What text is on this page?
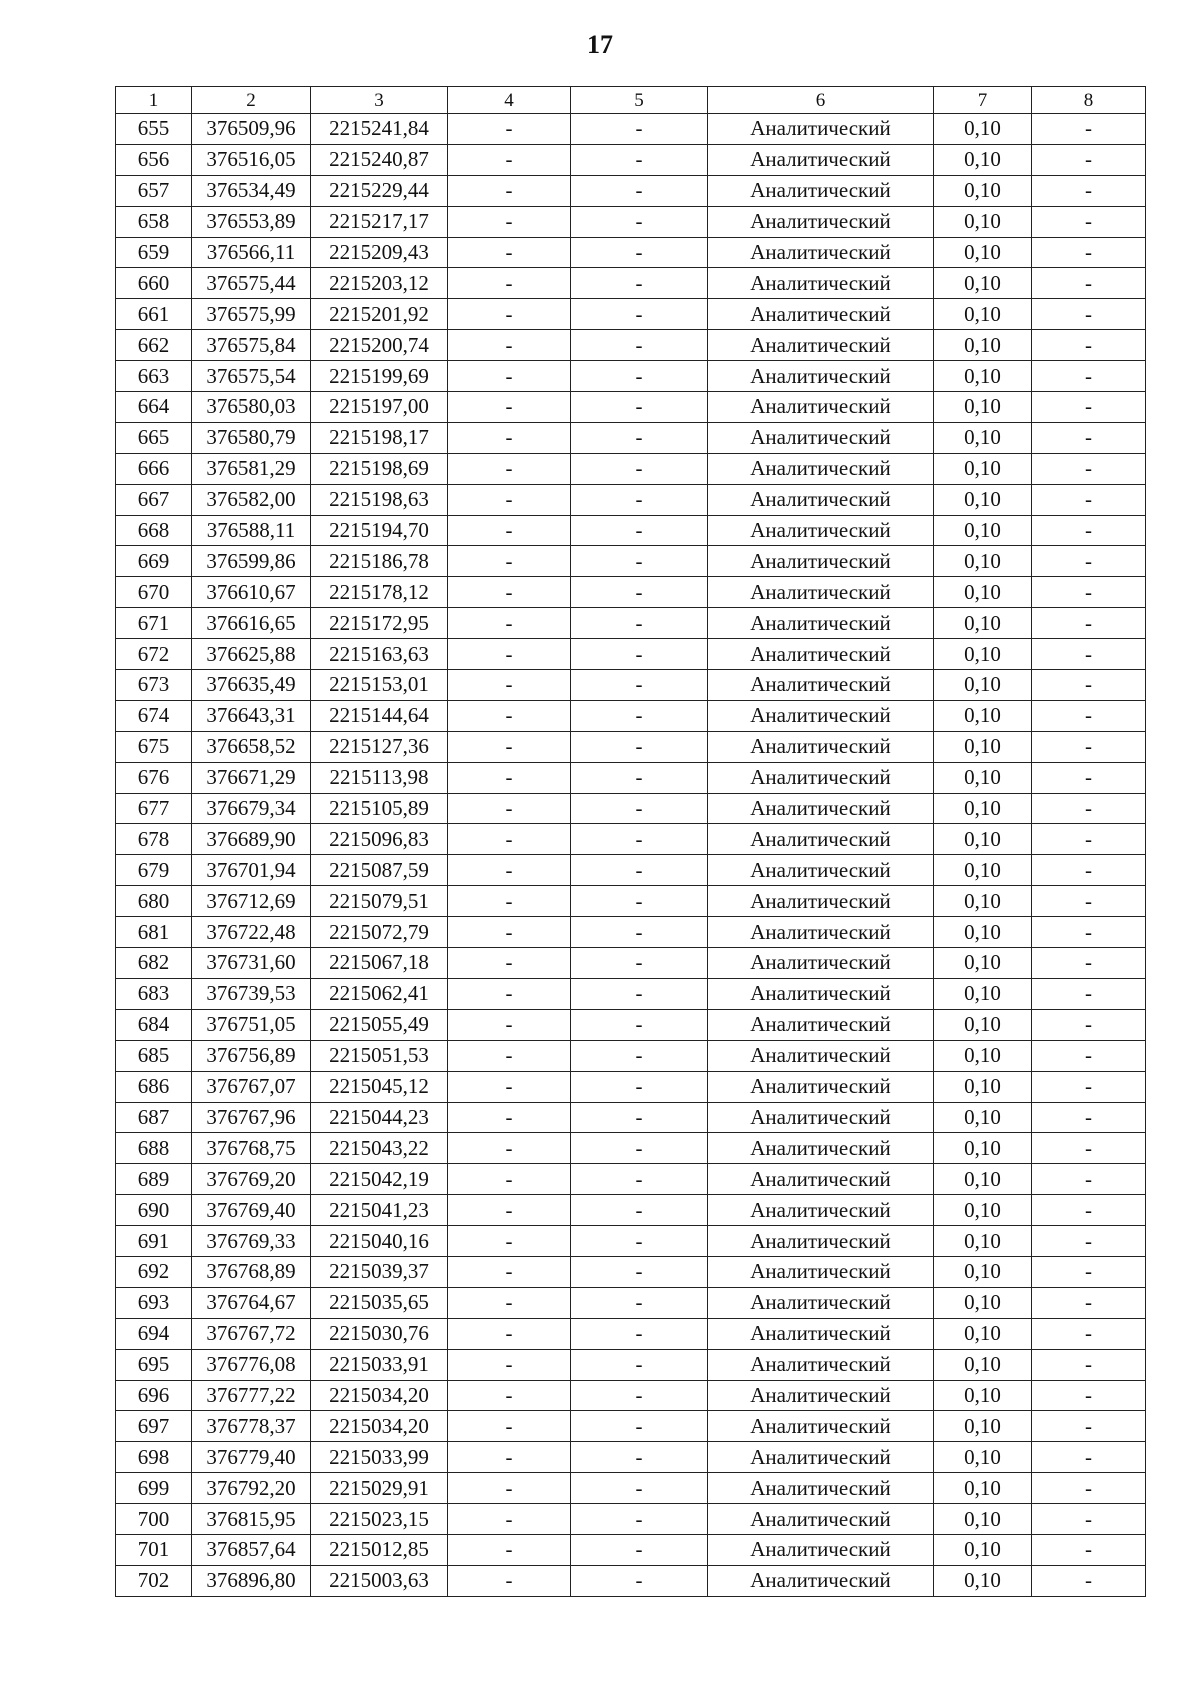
17
1	2	3	4	5	6	7	8
655	376509,96	2215241,84	-	-	Аналитический	0,10	-
656	376516,05	2215240,87	-	-	Аналитический	0,10	-
657	376534,49	2215229,44	-	-	Аналитический	0,10	-
658	376553,89	2215217,17	-	-	Аналитический	0,10	-
659	376566,11	2215209,43	-	-	Аналитический	0,10	-
660	376575,44	2215203,12	-	-	Аналитический	0,10	-
661	376575,99	2215201,92	-	-	Аналитический	0,10	-
662	376575,84	2215200,74	-	-	Аналитический	0,10	-
663	376575,54	2215199,69	-	-	Аналитический	0,10	-
664	376580,03	2215197,00	-	-	Аналитический	0,10	-
665	376580,79	2215198,17	-	-	Аналитический	0,10	-
666	376581,29	2215198,69	-	-	Аналитический	0,10	-
667	376582,00	2215198,63	-	-	Аналитический	0,10	-
668	376588,11	2215194,70	-	-	Аналитический	0,10	-
669	376599,86	2215186,78	-	-	Аналитический	0,10	-
670	376610,67	2215178,12	-	-	Аналитический	0,10	-
671	376616,65	2215172,95	-	-	Аналитический	0,10	-
672	376625,88	2215163,63	-	-	Аналитический	0,10	-
673	376635,49	2215153,01	-	-	Аналитический	0,10	-
674	376643,31	2215144,64	-	-	Аналитический	0,10	-
675	376658,52	2215127,36	-	-	Аналитический	0,10	-
676	376671,29	2215113,98	-	-	Аналитический	0,10	-
677	376679,34	2215105,89	-	-	Аналитический	0,10	-
678	376689,90	2215096,83	-	-	Аналитический	0,10	-
679	376701,94	2215087,59	-	-	Аналитический	0,10	-
680	376712,69	2215079,51	-	-	Аналитический	0,10	-
681	376722,48	2215072,79	-	-	Аналитический	0,10	-
682	376731,60	2215067,18	-	-	Аналитический	0,10	-
683	376739,53	2215062,41	-	-	Аналитический	0,10	-
684	376751,05	2215055,49	-	-	Аналитический	0,10	-
685	376756,89	2215051,53	-	-	Аналитический	0,10	-
686	376767,07	2215045,12	-	-	Аналитический	0,10	-
687	376767,96	2215044,23	-	-	Аналитический	0,10	-
688	376768,75	2215043,22	-	-	Аналитический	0,10	-
689	376769,20	2215042,19	-	-	Аналитический	0,10	-
690	376769,40	2215041,23	-	-	Аналитический	0,10	-
691	376769,33	2215040,16	-	-	Аналитический	0,10	-
692	376768,89	2215039,37	-	-	Аналитический	0,10	-
693	376764,67	2215035,65	-	-	Аналитический	0,10	-
694	376767,72	2215030,76	-	-	Аналитический	0,10	-
695	376776,08	2215033,91	-	-	Аналитический	0,10	-
696	376777,22	2215034,20	-	-	Аналитический	0,10	-
697	376778,37	2215034,20	-	-	Аналитический	0,10	-
698	376779,40	2215033,99	-	-	Аналитический	0,10	-
699	376792,20	2215029,91	-	-	Аналитический	0,10	-
700	376815,95	2215023,15	-	-	Аналитический	0,10	-
701	376857,64	2215012,85	-	-	Аналитический	0,10	-
702	376896,80	2215003,63	-	-	Аналитический	0,10	-
